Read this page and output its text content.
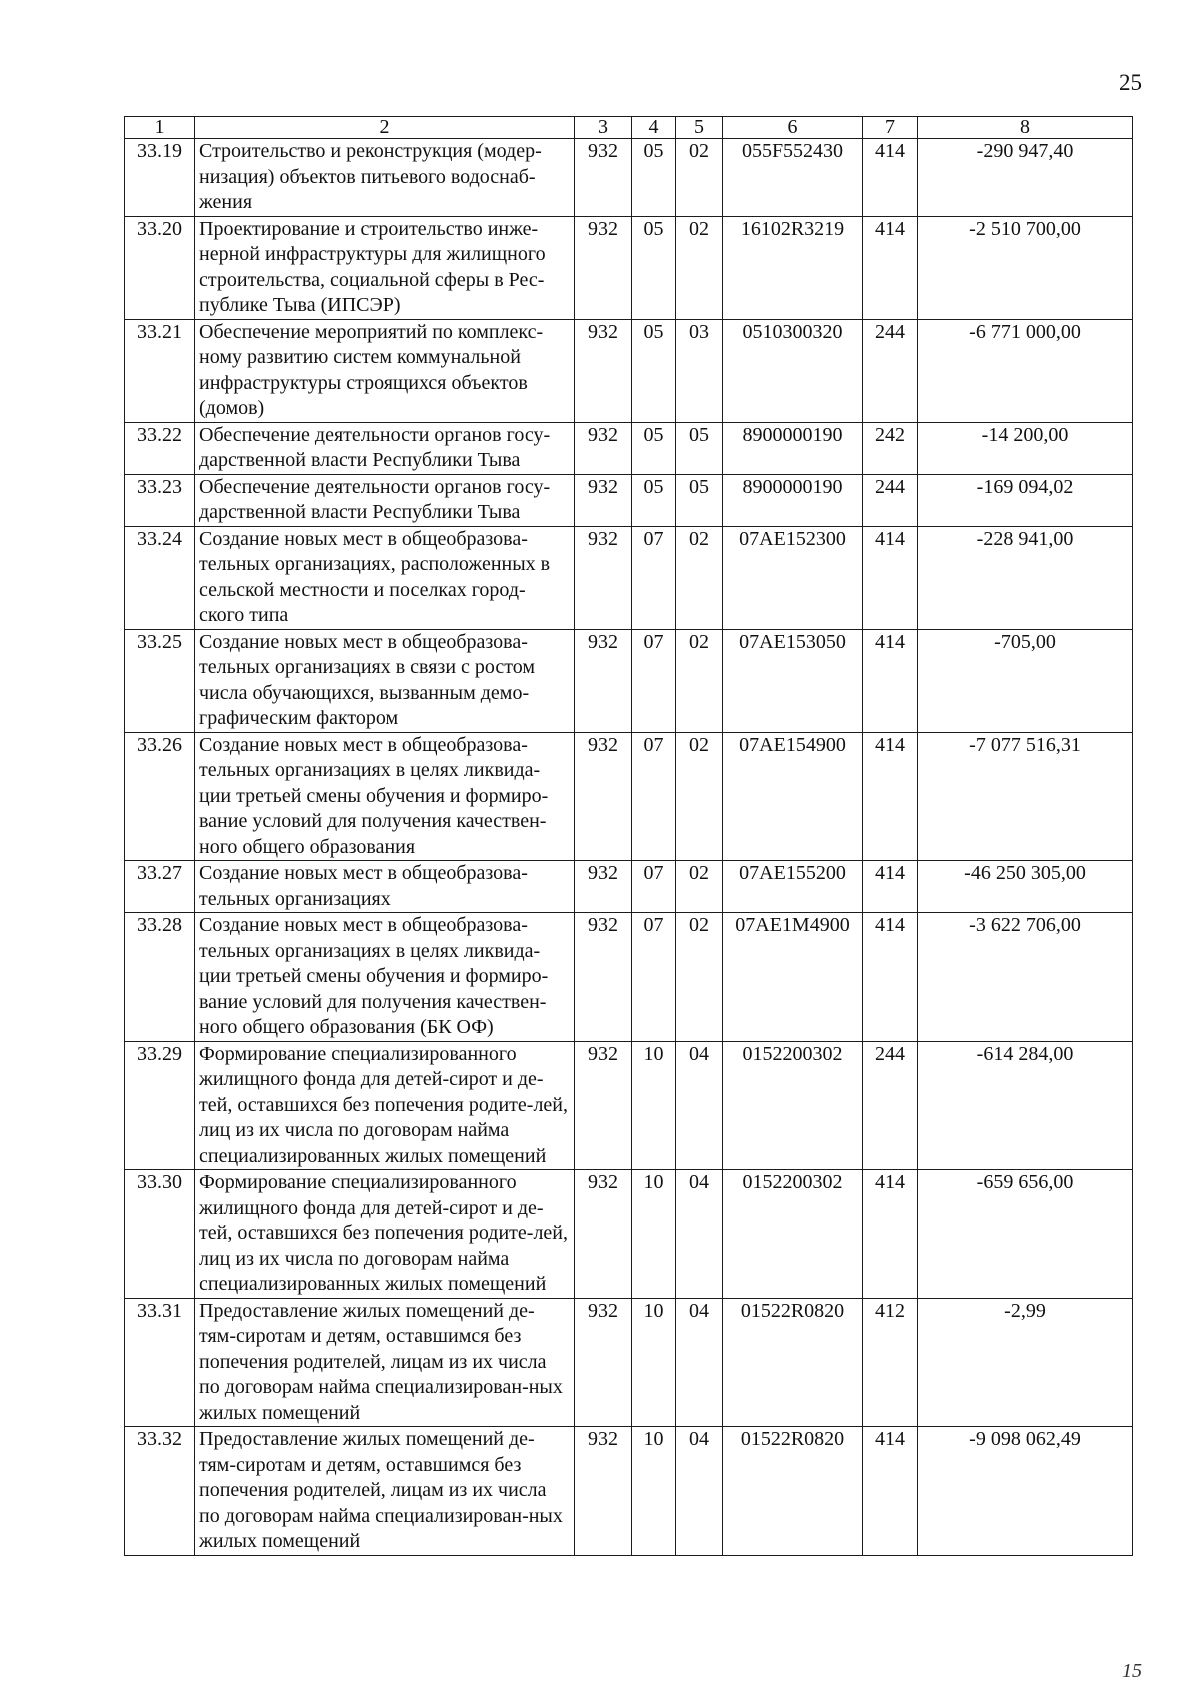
25
1	2	3	4	5	6	7	8
33.19	Строительство и реконструкция (модер-низация) объектов питьевого водоснаб-жения	932	05	02	055F552430	414	-290 947,40
33.20	Проектирование и строительство инже-нерной инфраструктуры для жилищного строительства, социальной сферы в Рес-публике Тыва (ИПСЭР)	932	05	02	16102R3219	414	-2 510 700,00
33.21	Обеспечение мероприятий по комплекс-ному развитию систем коммунальной инфраструктуры строящихся объектов (домов)	932	05	03	0510300320	244	-6 771 000,00
33.22	Обеспечение деятельности органов госу-дарственной власти Республики Тыва	932	05	05	8900000190	242	-14 200,00
33.23	Обеспечение деятельности органов госу-дарственной власти Республики Тыва	932	05	05	8900000190	244	-169 094,02
33.24	Создание новых мест в общеобразова-тельных организациях, расположенных в сельской местности и поселках город-ского типа	932	07	02	07AE152300	414	-228 941,00
33.25	Создание новых мест в общеобразова-тельных организациях в связи с ростом числа обучающихся, вызванным демо-графическим фактором	932	07	02	07AE153050	414	-705,00
33.26	Создание новых мест в общеобразова-тельных организациях в целях ликвида-ции третьей смены обучения и формиро-вание условий для получения качествен-ного общего образования	932	07	02	07AE154900	414	-7 077 516,31
33.27	Создание новых мест в общеобразова-тельных организациях	932	07	02	07AE155200	414	-46 250 305,00
33.28	Создание новых мест в общеобразова-тельных организациях в целях ликвида-ции третьей смены обучения и формиро-вание условий для получения качествен-ного общего образования (БК ОФ)	932	07	02	07AE1M4900	414	-3 622 706,00
33.29	Формирование специализированного жилищного фонда для детей-сирот и де-тей, оставшихся без попечения родите-лей, лиц из их числа по договорам найма специализированных жилых помещений	932	10	04	0152200302	244	-614 284,00
33.30	Формирование специализированного жилищного фонда для детей-сирот и де-тей, оставшихся без попечения родите-лей, лиц из их числа по договорам найма специализированных жилых помещений	932	10	04	0152200302	414	-659 656,00
33.31	Предоставление жилых помещений де-тям-сиротам и детям, оставшимся без попечения родителей, лицам из их числа по договорам найма специализирован-ных жилых помещений	932	10	04	01522R0820	412	-2,99
33.32	Предоставление жилых помещений де-тям-сиротам и детям, оставшимся без попечения родителей, лицам из их числа по договорам найма специализирован-ных жилых помещений	932	10	04	01522R0820	414	-9 098 062,49
15
